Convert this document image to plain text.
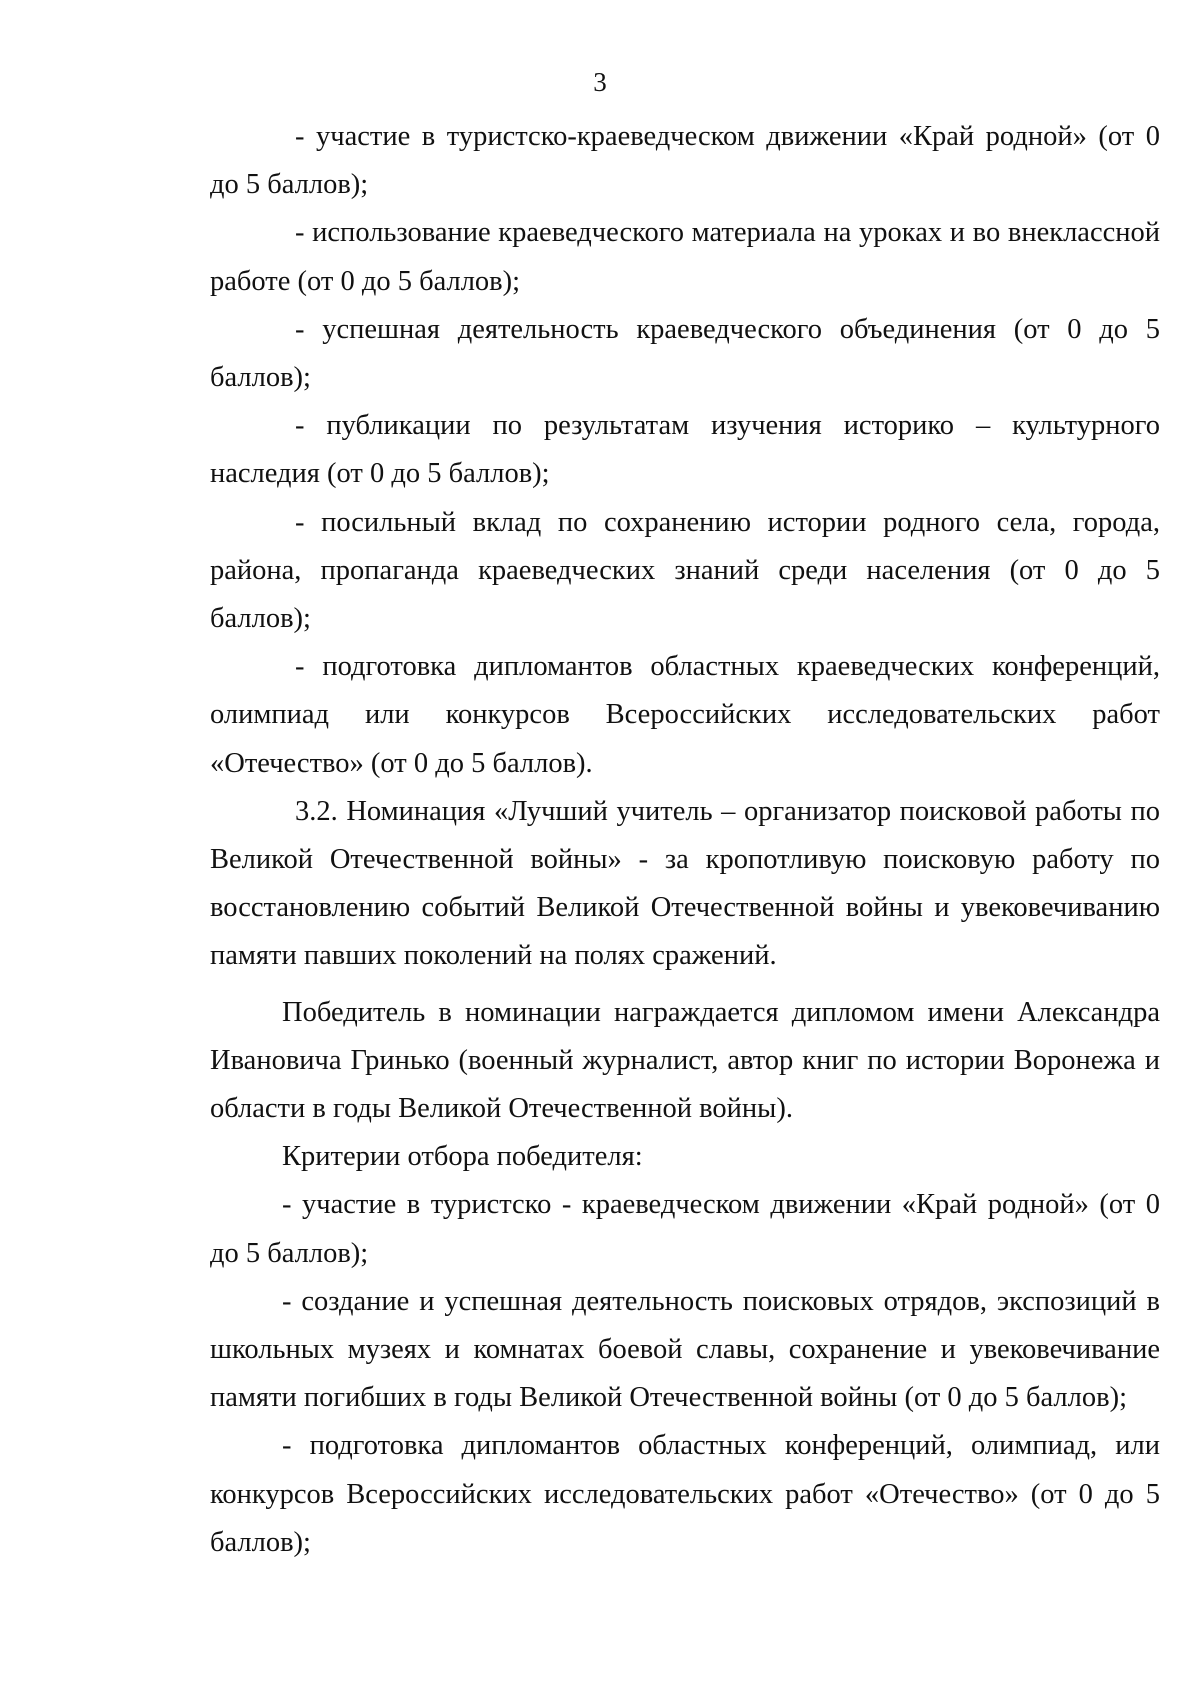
3

- участие в туристско-краеведческом движении «Край родной» (от 0 до 5 баллов);

- использование краеведческого материала на уроках и во внеклассной работе (от 0 до 5 баллов);

- успешная деятельность краеведческого объединения (от 0 до 5 баллов);

- публикации по результатам изучения историко – культурного наследия (от 0 до 5 баллов);

- посильный вклад по сохранению истории родного села, города, района, пропаганда краеведческих знаний среди населения (от 0 до 5 баллов);

- подготовка дипломантов областных краеведческих конференций, олимпиад или конкурсов Всероссийских исследовательских работ «Отечество» (от 0 до 5 баллов).

3.2. Номинация «Лучший учитель – организатор поисковой работы по Великой Отечественной войны» - за кропотливую поисковую работу по восстановлению событий Великой Отечественной войны и увековечиванию памяти павших поколений на полях сражений.

Победитель в номинации награждается дипломом имени Александра Ивановича Гринько (военный журналист, автор книг по истории Воронежа и области в годы Великой Отечественной войны).

Критерии отбора победителя:

- участие в туристско - краеведческом движении «Край родной» (от 0 до 5 баллов);

- создание и успешная деятельность поисковых отрядов, экспозиций в школьных музеях и комнатах боевой славы, сохранение и увековечивание памяти погибших в годы Великой Отечественной войны (от 0 до 5 баллов);

- подготовка дипломантов областных конференций, олимпиад, или конкурсов Всероссийских исследовательских работ «Отечество» (от 0 до 5 баллов);
